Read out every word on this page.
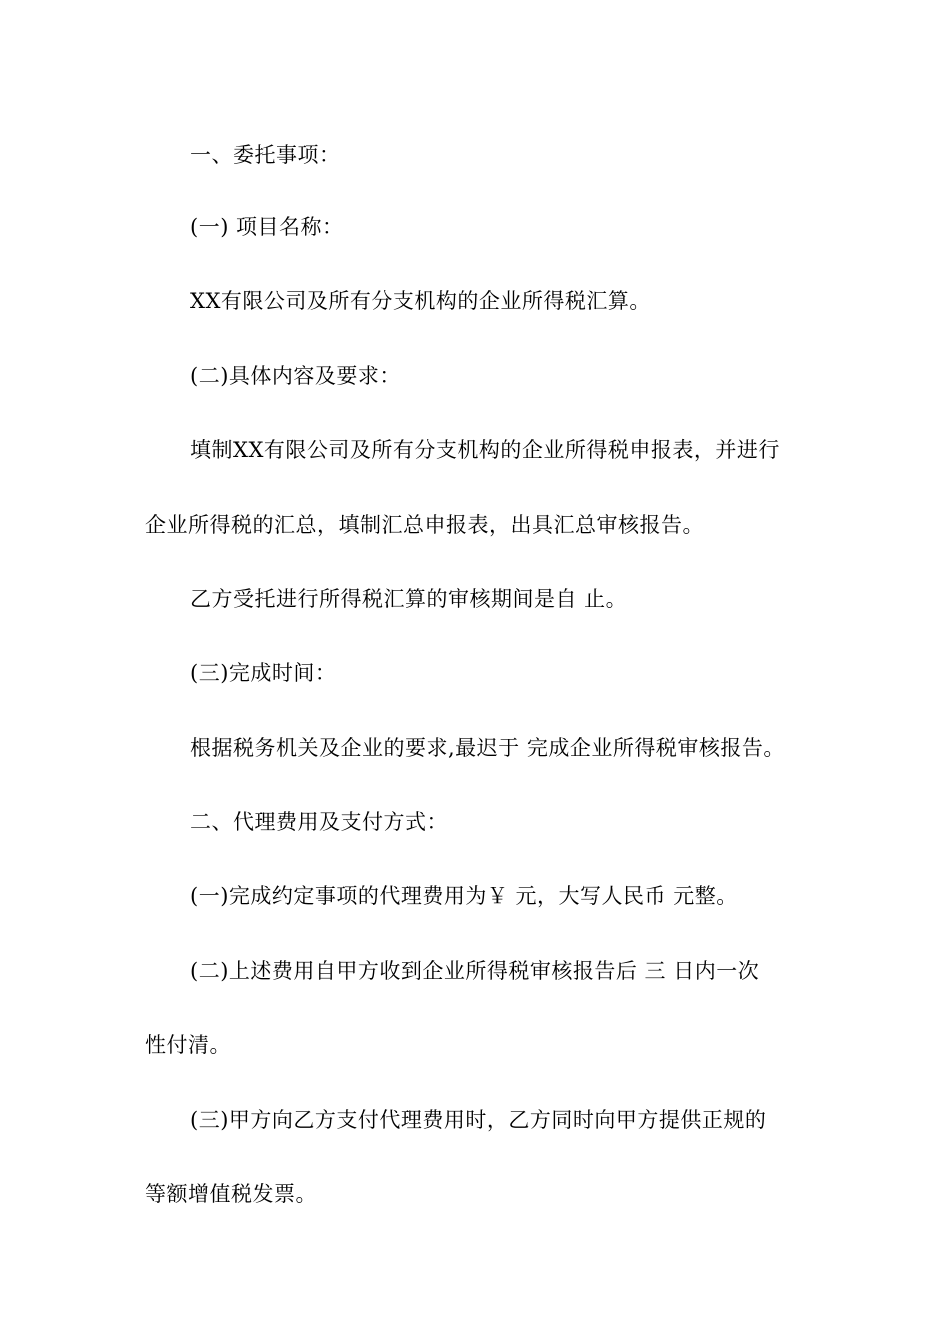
一、委托事项：
(一) 项目名称：
XX有限公司及所有分支机构的企业所得税汇算。
(二)具体内容及要求：
填制XX有限公司及所有分支机构的企业所得税申报表，并进行
企业所得税的汇总，填制汇总申报表，出具汇总审核报告。
乙方受托进行所得税汇算的审核期间是自 止。
(三)完成时间：
根据税务机关及企业的要求,最迟于 完成企业所得税审核报告。
二、代理费用及支付方式：
(一)完成约定事项的代理费用为￥ 元，大写人民币 元整。
(二)上述费用自甲方收到企业所得税审核报告后 三 日内一次
性付清。
(三)甲方向乙方支付代理费用时，乙方同时向甲方提供正规的
等额增值税发票。
